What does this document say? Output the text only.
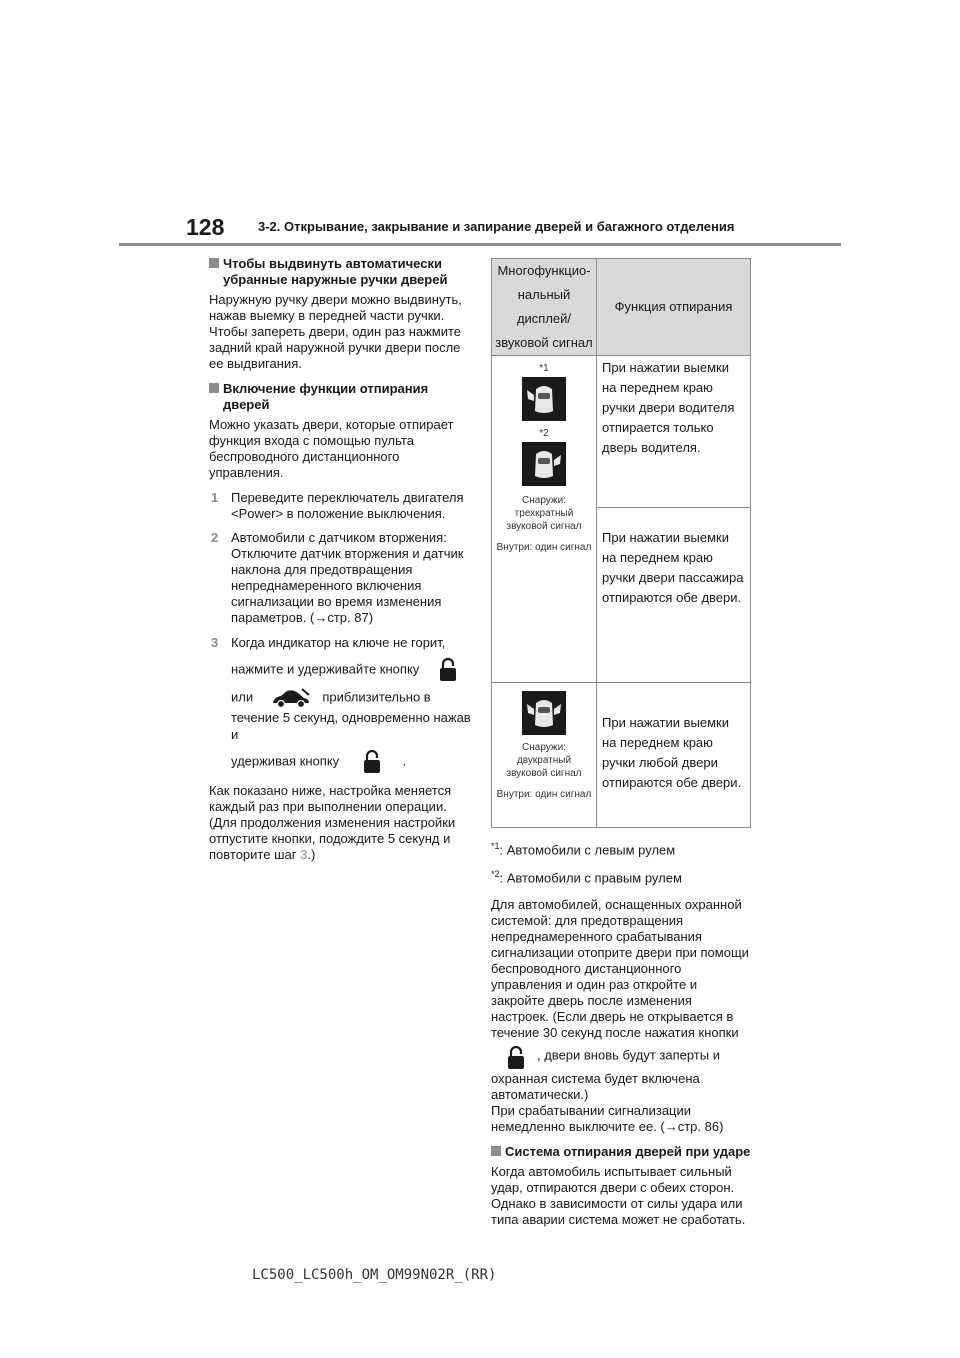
128	3-2. Открывание, закрывание и запирание дверей и багажного отделения
Чтобы выдвинуть автоматически убранные наружные ручки дверей

Наружную ручку двери можно выдвинуть, нажав выемку в передней части ручки. Чтобы запереть двери, один раз нажмите задний край наружной ручки двери после ее выдвигания.

Включение функции отпирания дверей

Можно указать двери, которые отпирает функция входа с помощью пульта беспроводного дистанционного управления.

1 Переведите переключатель двигателя <Power> в положение выключения.
2 Автомобили с датчиком вторжения: Отключите датчик вторжения и датчик наклона для предотвращения непреднамеренного включения сигнализации во время изменения параметров. (→стр. 87)
3 Когда индикатор на ключе не горит,
нажмите и удерживайте кнопку
или	приблизительно в течение 5 секунд, одновременно нажав и
удерживая кнопку	.

Как показано ниже, настройка меняется каждый раз при выполнении операции. (Для продолжения изменения настройки отпустите кнопки, подождите 5 секунд и повторите шаг 3.)

Многофункцио-нальный дисплей/ звуковой сигнал	Функция отпирания

*1
*2
Снаружи: трехкратный звуковой сигнал
Внутри: один сигнал	При нажатии выемки на переднем краю ручки двери водителя отпирается только дверь водителя.
	При нажатии выемки на переднем краю ручки двери пассажира отпираются обе двери.

Снаружи: двукратный звуковой сигнал
Внутри: один сигнал	При нажатии выемки на переднем краю ручки любой двери отпираются обе двери.
$^{*1}$: Автомобили с левым рулем
$^{*2}$: Автомобили с правым рулем

Для автомобилей, оснащенных охранной системой: для предотвращения непреднамеренного срабатывания сигнализации отоприте двери при помощи беспроводного дистанционного управления и один раз откройте и закройте дверь после изменения настроек. (Если дверь не открывается в течение 30 секунд после нажатия кнопки

, двери вновь будут заперты и охранная система будет включена автоматически.)

При срабатывании сигнализации немедленно выключите ее. (→стр. 86)

Система отпирания дверей при ударе

Когда автомобиль испытывает сильный удар, отпираются двери с обеих сторон. Однако в зависимости от силы удара или типа аварии система может не сработать.

LC500_LC500h_OM_OM99N02R_(RR)
